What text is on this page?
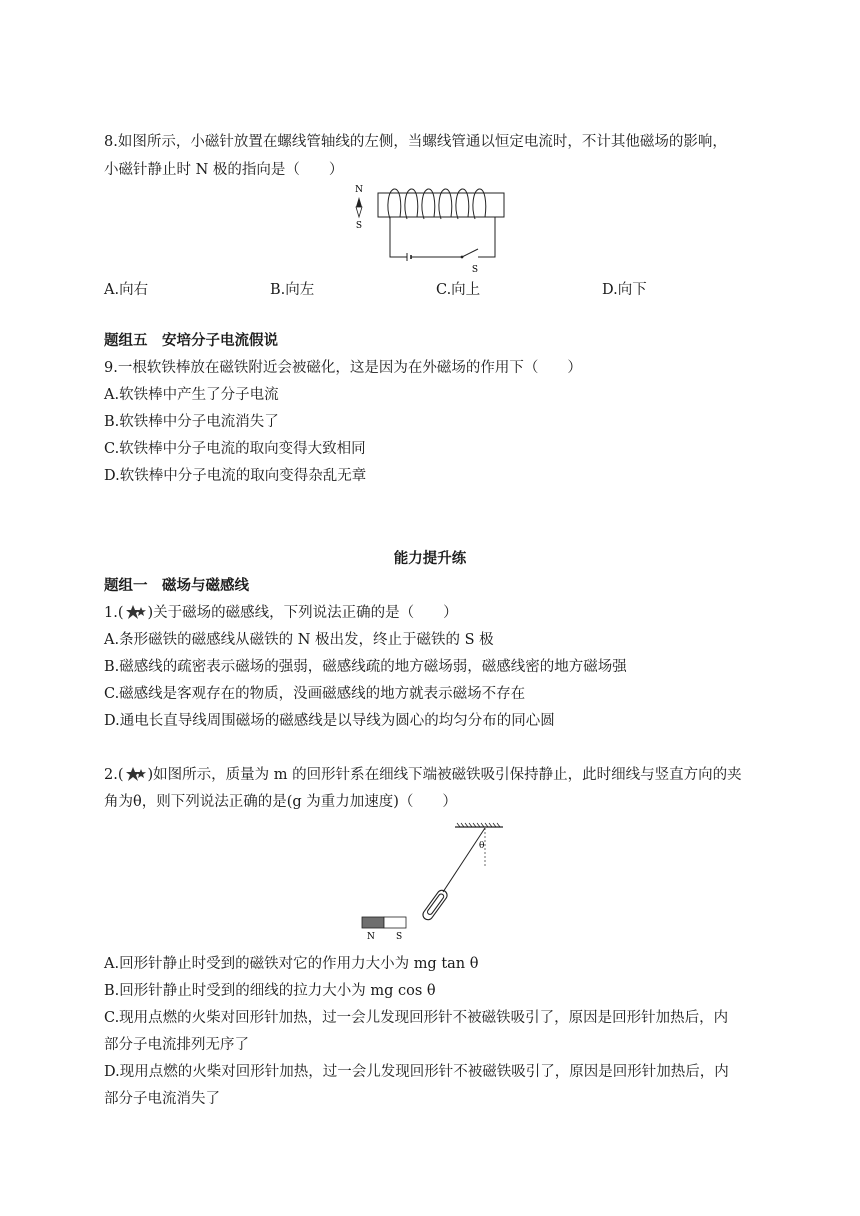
8.如图所示，小磁针放置在螺线管轴线的左侧，当螺线管通以恒定电流时，不计其他磁场的影响，
小磁针静止时 N 极的指向是（　　）
N
S
S
A.向右	B.向左	C.向上	D.向下
题组五　安培分子电流假说
9.一根软铁棒放在磁铁附近会被磁化，这是因为在外磁场的作用下（　　）
A.软铁棒中产生了分子电流
B.软铁棒中分子电流消失了
C.软铁棒中分子电流的取向变得大致相同
D.软铁棒中分子电流的取向变得杂乱无章
能力提升练
题组一　磁场与磁感线
1.( )关于磁场的磁感线，下列说法正确的是（　　）
A.条形磁铁的磁感线从磁铁的 N 极出发，终止于磁铁的 S 极
B.磁感线的疏密表示磁场的强弱，磁感线疏的地方磁场弱，磁感线密的地方磁场强
C.磁感线是客观存在的物质，没画磁感线的地方就表示磁场不存在
D.通电长直导线周围磁场的磁感线是以导线为圆心的均匀分布的同心圆
2.( )如图所示，质量为 m 的回形针系在细线下端被磁铁吸引保持静止，此时细线与竖直方向的夹
角为θ，则下列说法正确的是(g 为重力加速度)（　　）
θ
N S
A.回形针静止时受到的磁铁对它的作用力大小为 mg tan θ
B.回形针静止时受到的细线的拉力大小为 mg cos θ
C.现用点燃的火柴对回形针加热，过一会儿发现回形针不被磁铁吸引了，原因是回形针加热后，内
部分子电流排列无序了
D.现用点燃的火柴对回形针加热，过一会儿发现回形针不被磁铁吸引了，原因是回形针加热后，内
部分子电流消失了
